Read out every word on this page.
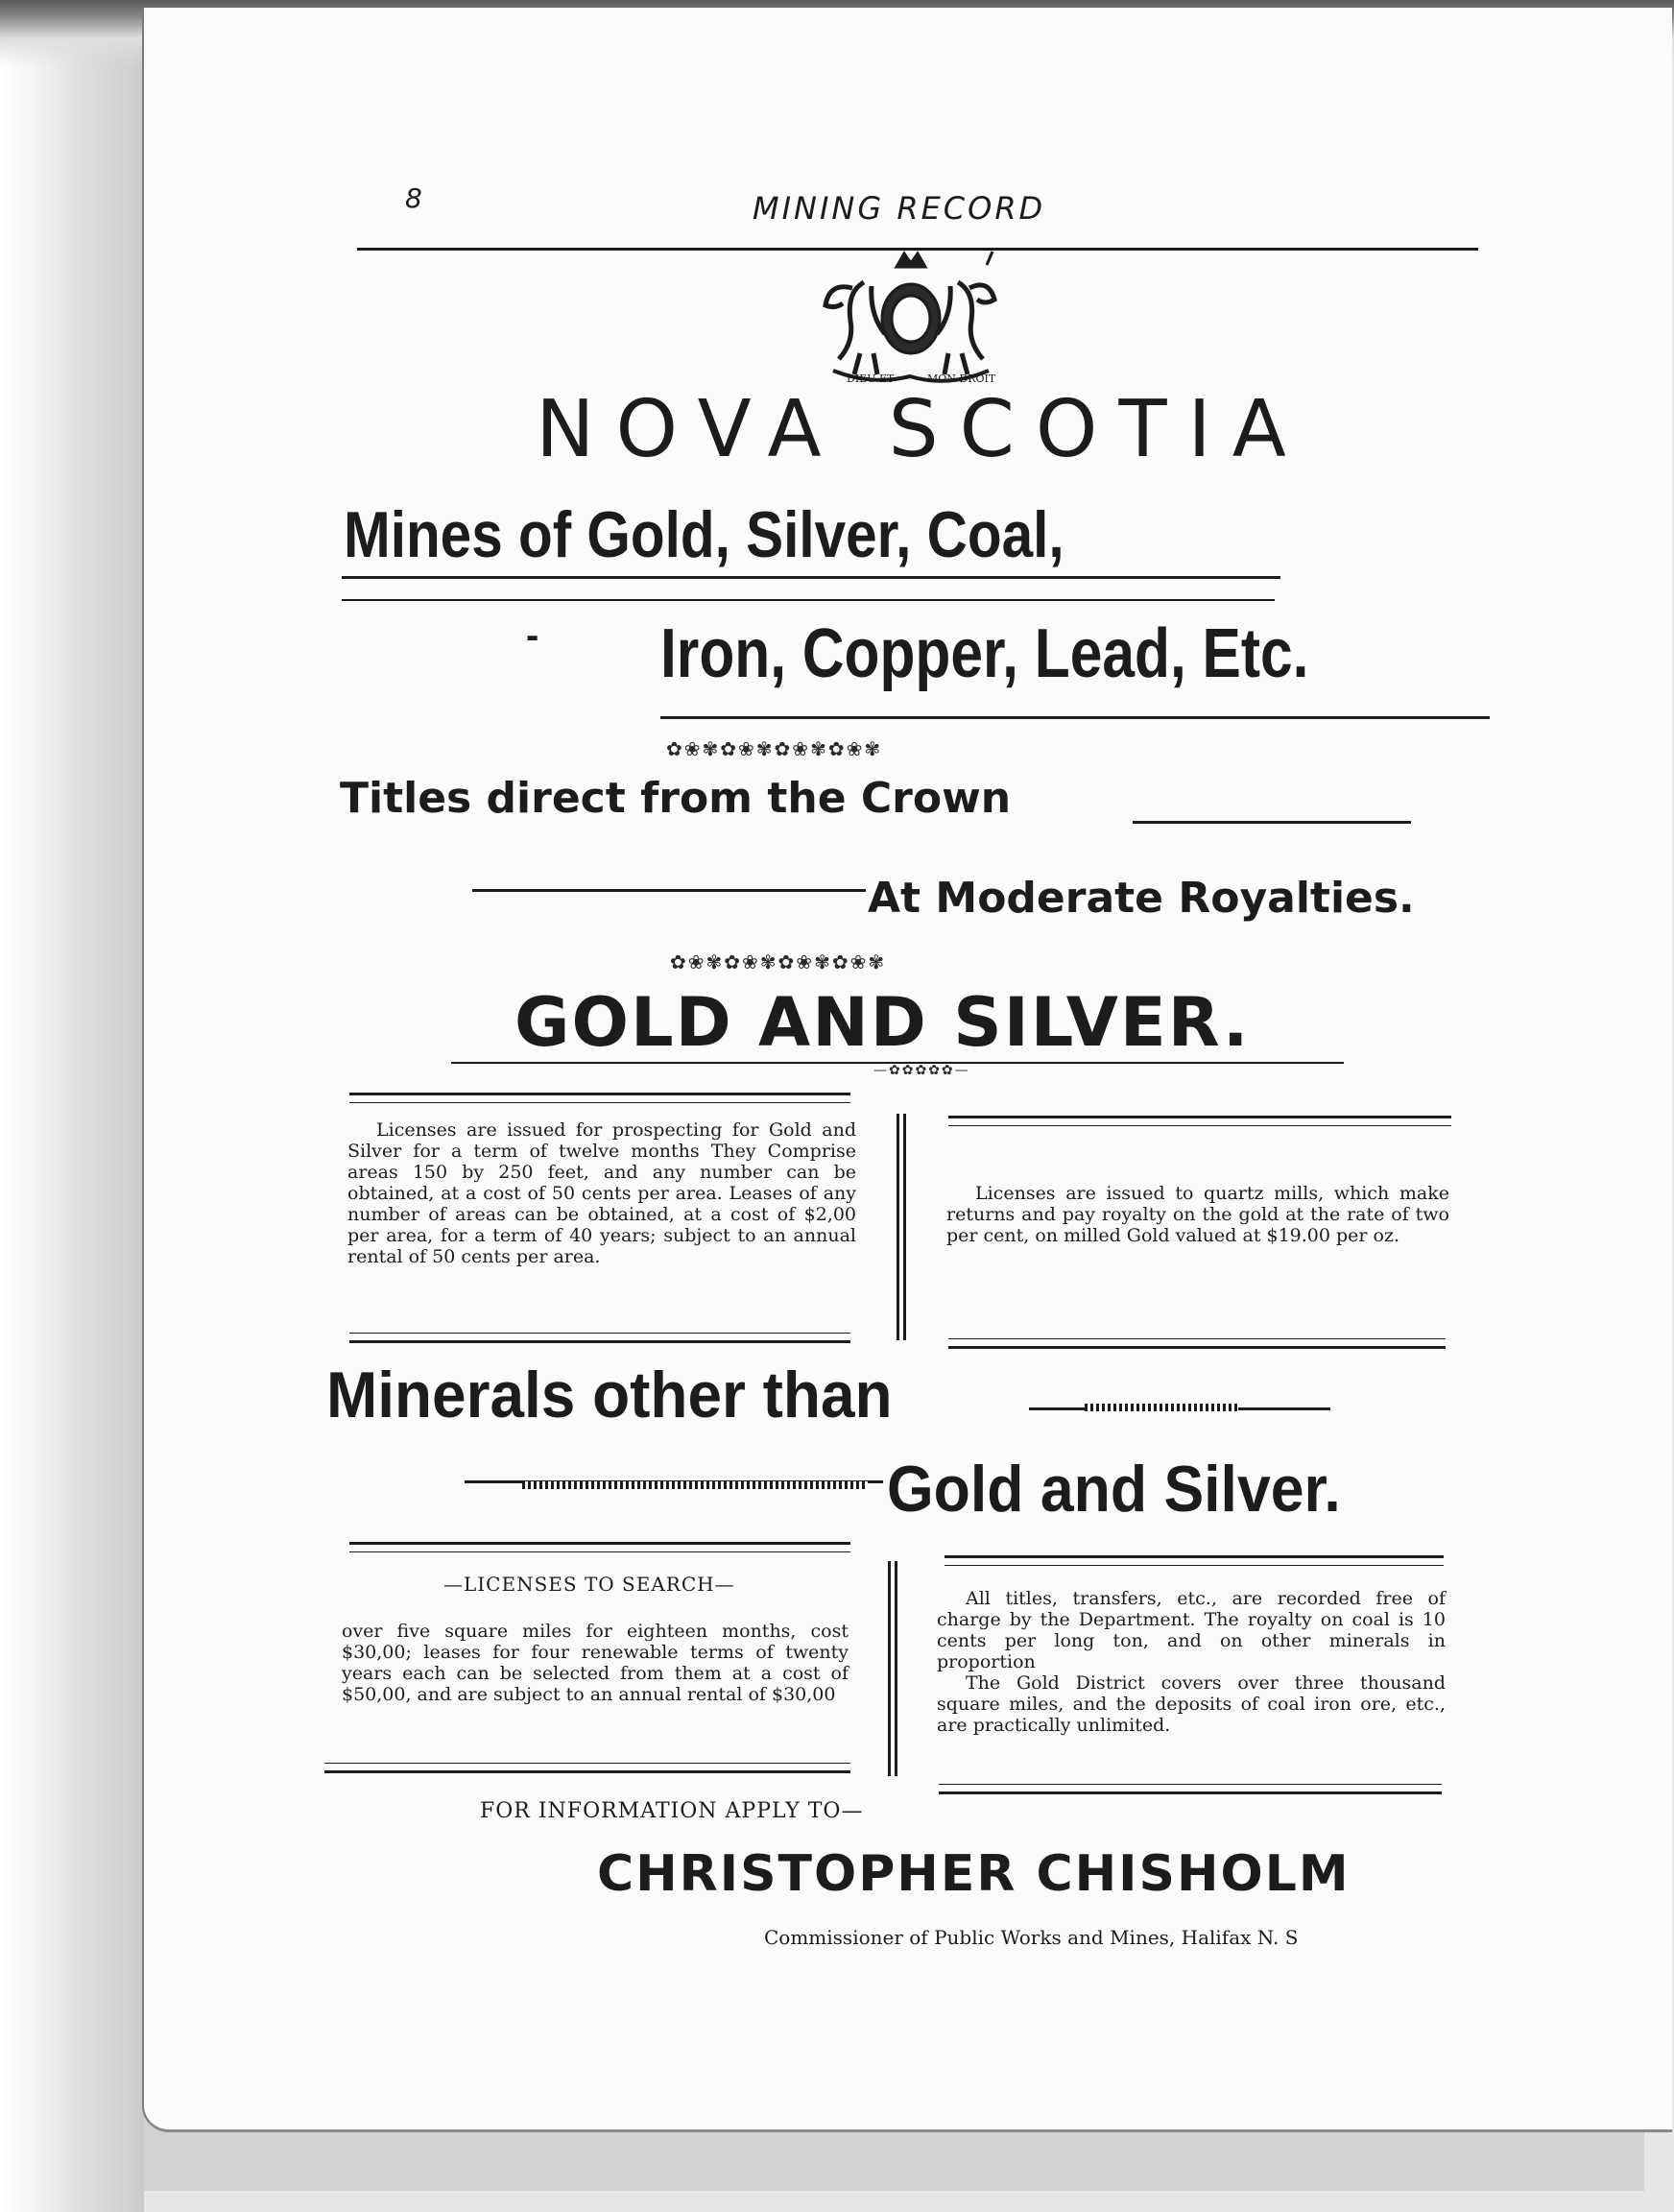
8	MINING RECORD
DIEU ET	MON DROIT
NOVA SCOTIA
Mines of Gold, Silver, Coal,
- Iron, Copper, Lead, Etc.
✿❀✾✿❀✾✿❀✾✿❀✾
Titles direct from the Crown
At Moderate Royalties.
✿❀✾✿❀✾✿❀✾✿❀✾
GOLD AND SILVER.
—✿✿✿✿✿—
Licenses are issued for prospecting for Gold and Silver for a term of twelve months They Comprise areas 150 by 250 feet, and any number can be obtained, at a cost of 50 cents per area. Leases of any number of areas can be obtained, at a cost of $2,00 per area, for a term of 40 years; subject to an annual rental of 50 cents per area.
Licenses are issued to quartz mills, which make returns and pay royalty on the gold at the rate of two per cent, on milled Gold valued at $19.00 per oz.
Minerals other than
Gold and Silver.
—LICENSES TO SEARCH—
over five square miles for eighteen months, cost $30,00; leases for four renewable terms of twenty years each can be selected from them at a cost of $50,00, and are subject to an annual rental of $30,00

All titles, transfers, etc., are recorded free of charge by the Department. The royalty on coal is 10 cents per long ton, and on other minerals in proportion

The Gold District covers over three thousand square miles, and the deposits of coal iron ore, etc., are practically unlimited.

FOR INFORMATION APPLY TO—
CHRISTOPHER CHISHOLM
Commissioner of Public Works and Mines, Halifax N. S
